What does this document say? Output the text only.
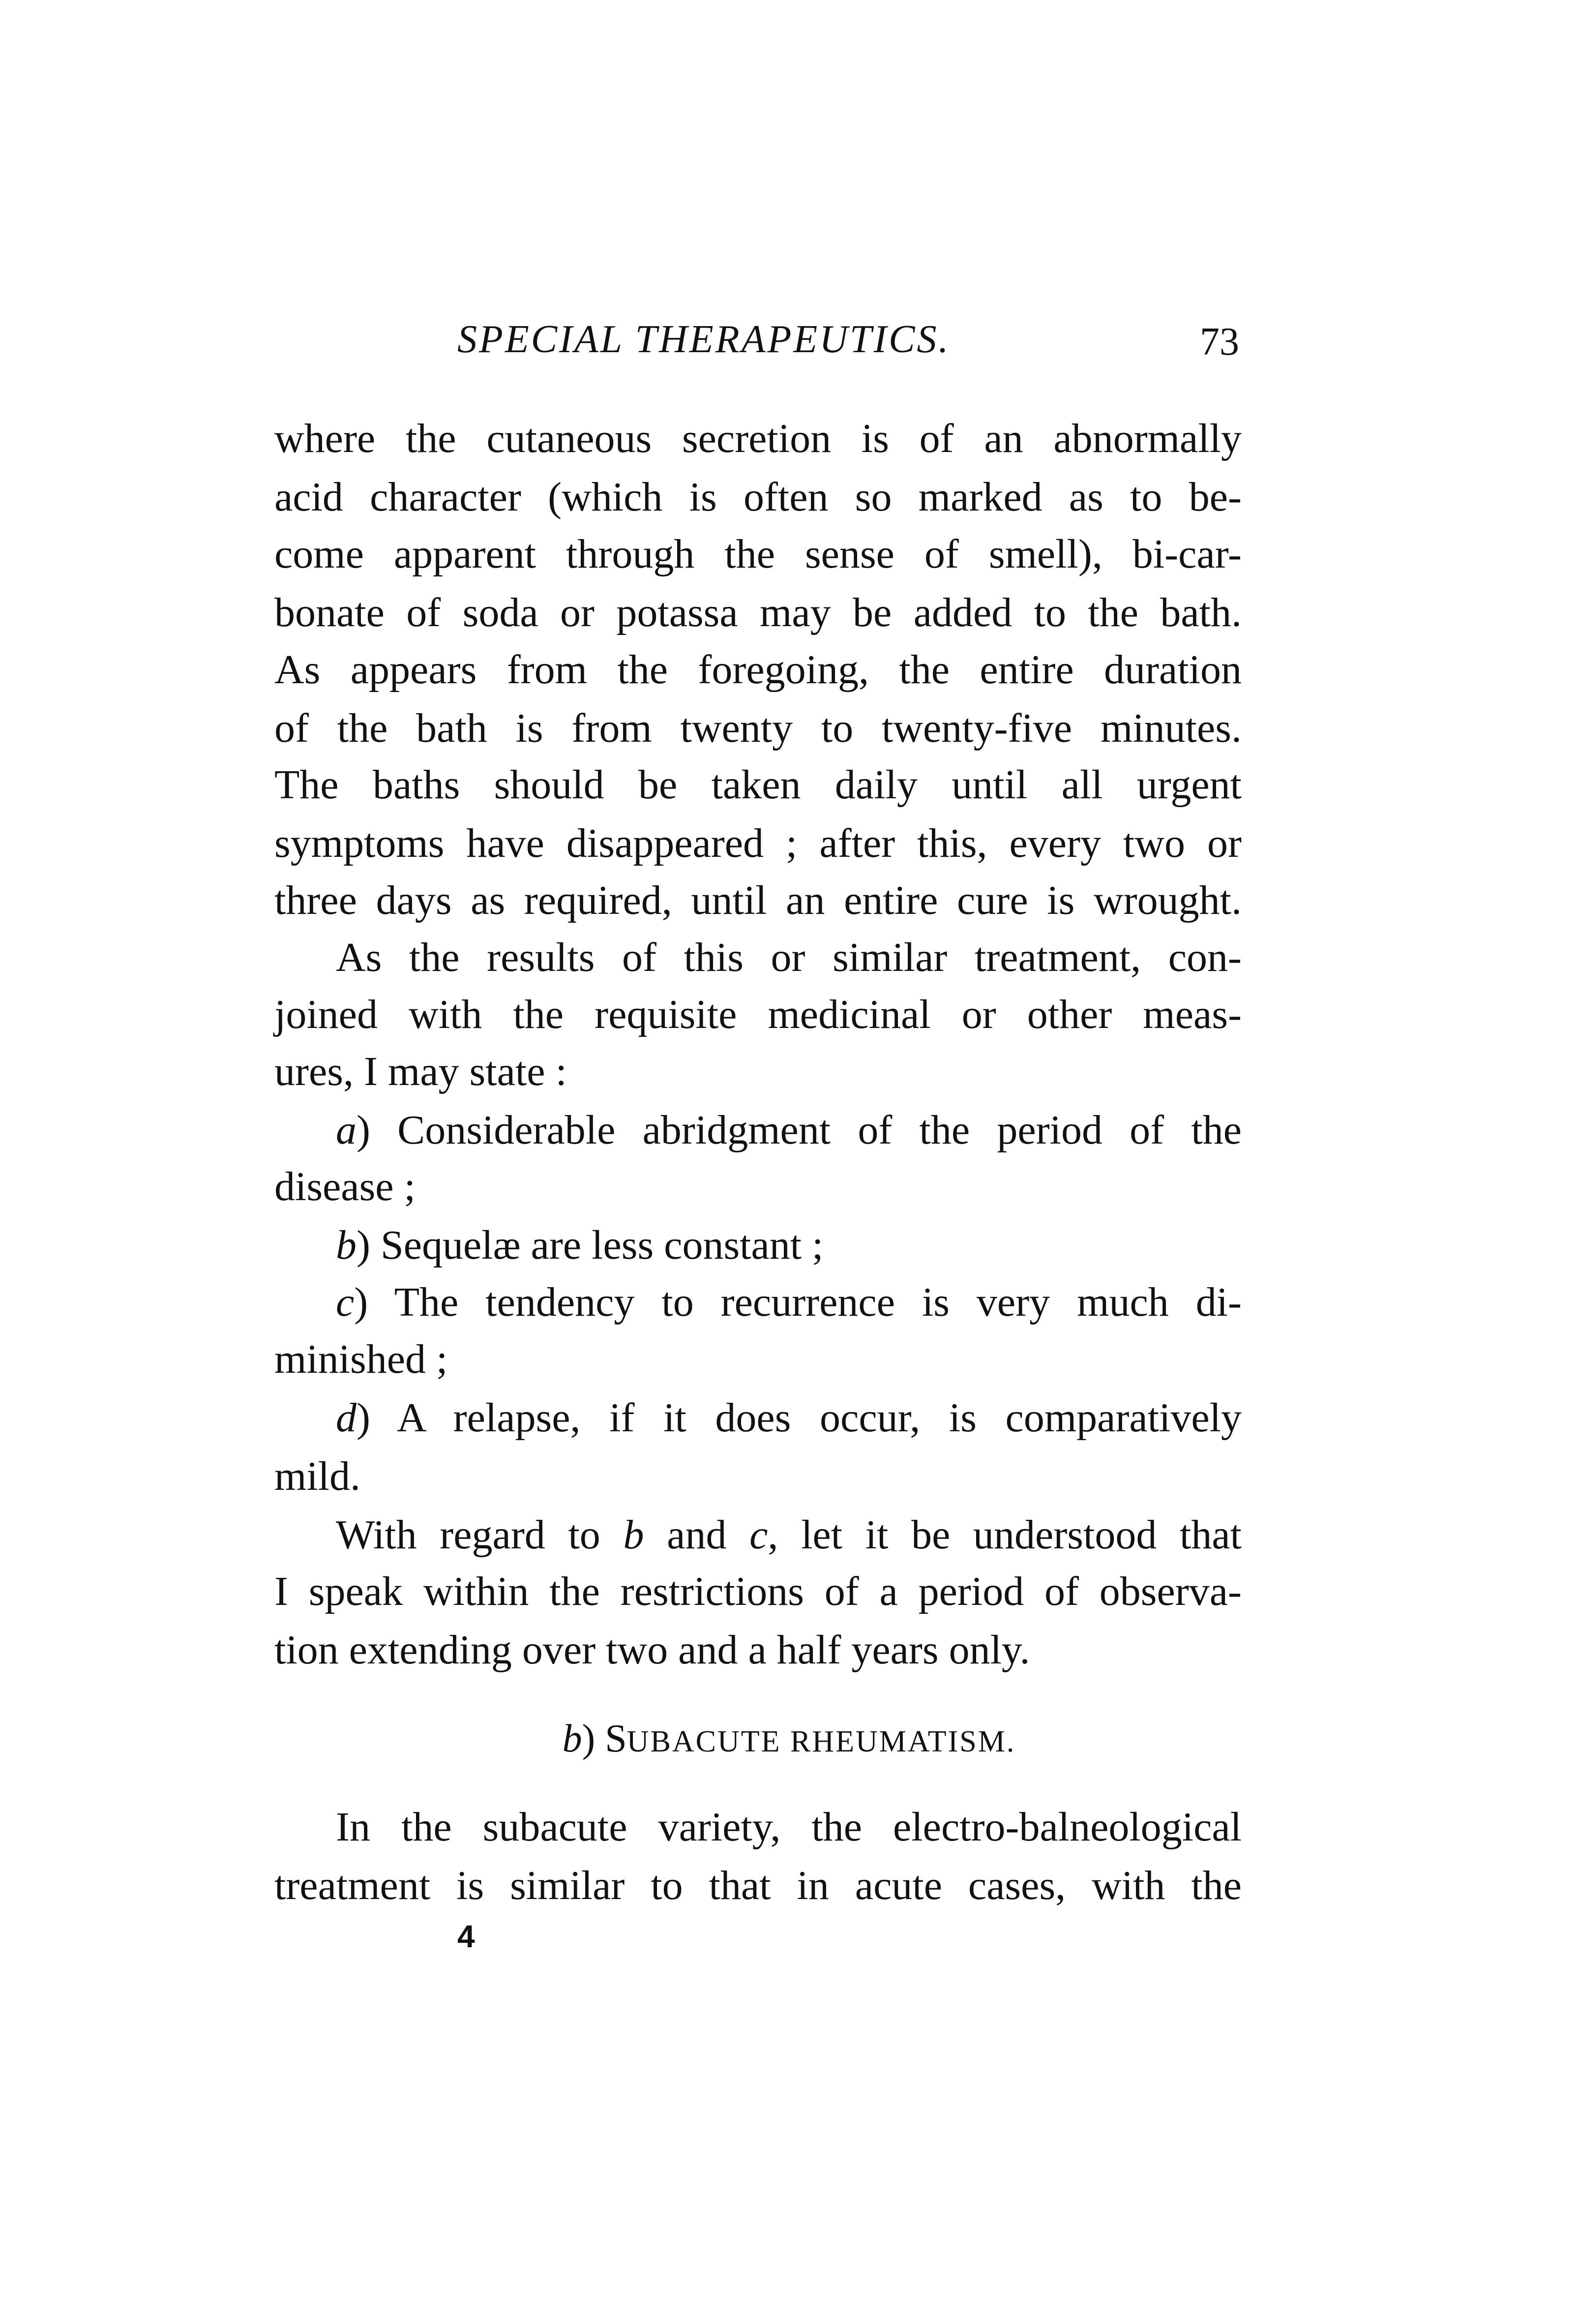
SPECIAL THERAPEUTICS.	73
where the cutaneous secretion is of an abnormally
acid character (which is often so marked as to be-
come apparent through the sense of smell), bi-car-
bonate of soda or potassa may be added to the bath.
As appears from the foregoing, the entire duration
of the bath is from twenty to twenty-five minutes.
The baths should be taken daily until all urgent
symptoms have disappeared ; after this, every two or
three days as required, until an entire cure is wrought.
As the results of this or similar treatment, con-
joined with the requisite medicinal or other meas-
ures, I may state :
a) Considerable abridgment of the period of the
disease ;
b) Sequelæ are less constant ;
c) The tendency to recurrence is very much di-
minished ;
d) A relapse, if it does occur, is comparatively
mild.
With regard to b and c, let it be understood that
I speak within the restrictions of a period of observa-
tion extending over two and a half years only.
In the subacute variety, the electro-balneological
treatment is similar to that in acute cases, with the
b) SUBACUTE RHEUMATISM.
4
